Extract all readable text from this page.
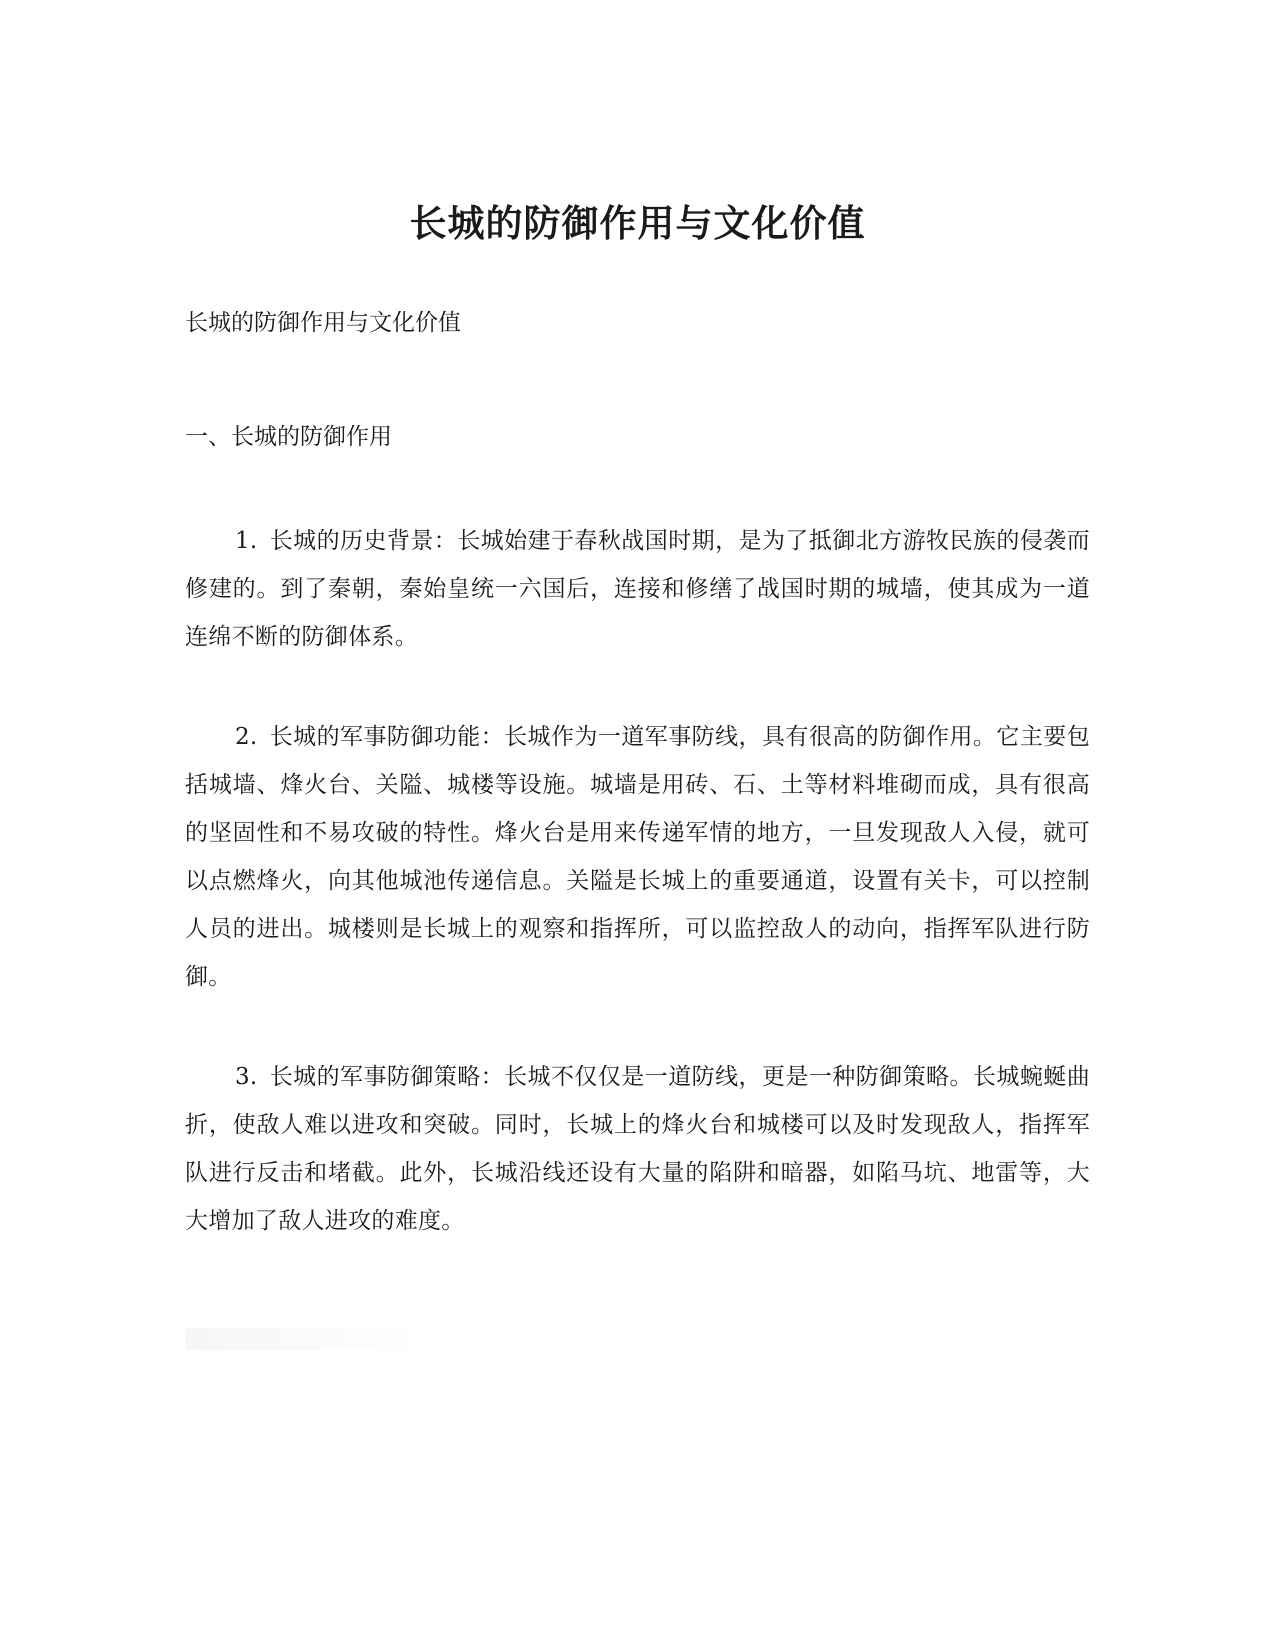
长城的防御作用与文化价值

长城的防御作用与文化价值

一、长城的防御作用

1. 长城的历史背景：长城始建于春秋战国时期，是为了抵御北方游牧民族的侵袭而修建的。到了秦朝，秦始皇统一六国后，连接和修缮了战国时期的城墙，使其成为一道连绵不断的防御体系。

2. 长城的军事防御功能：长城作为一道军事防线，具有很高的防御作用。它主要包括城墙、烽火台、关隘、城楼等设施。城墙是用砖、石、土等材料堆砌而成，具有很高的坚固性和不易攻破的特性。烽火台是用来传递军情的地方，一旦发现敌人入侵，就可以点燃烽火，向其他城池传递信息。关隘是长城上的重要通道，设置有关卡，可以控制人员的进出。城楼则是长城上的观察和指挥所，可以监控敌人的动向，指挥军队进行防御。

3. 长城的军事防御策略：长城不仅仅是一道防线，更是一种防御策略。长城蜿蜒曲折，使敌人难以进攻和突破。同时，长城上的烽火台和城楼可以及时发现敌人，指挥军队进行反击和堵截。此外，长城沿线还设有大量的陷阱和暗器，如陷马坑、地雷等，大大增加了敌人进攻的难度。
